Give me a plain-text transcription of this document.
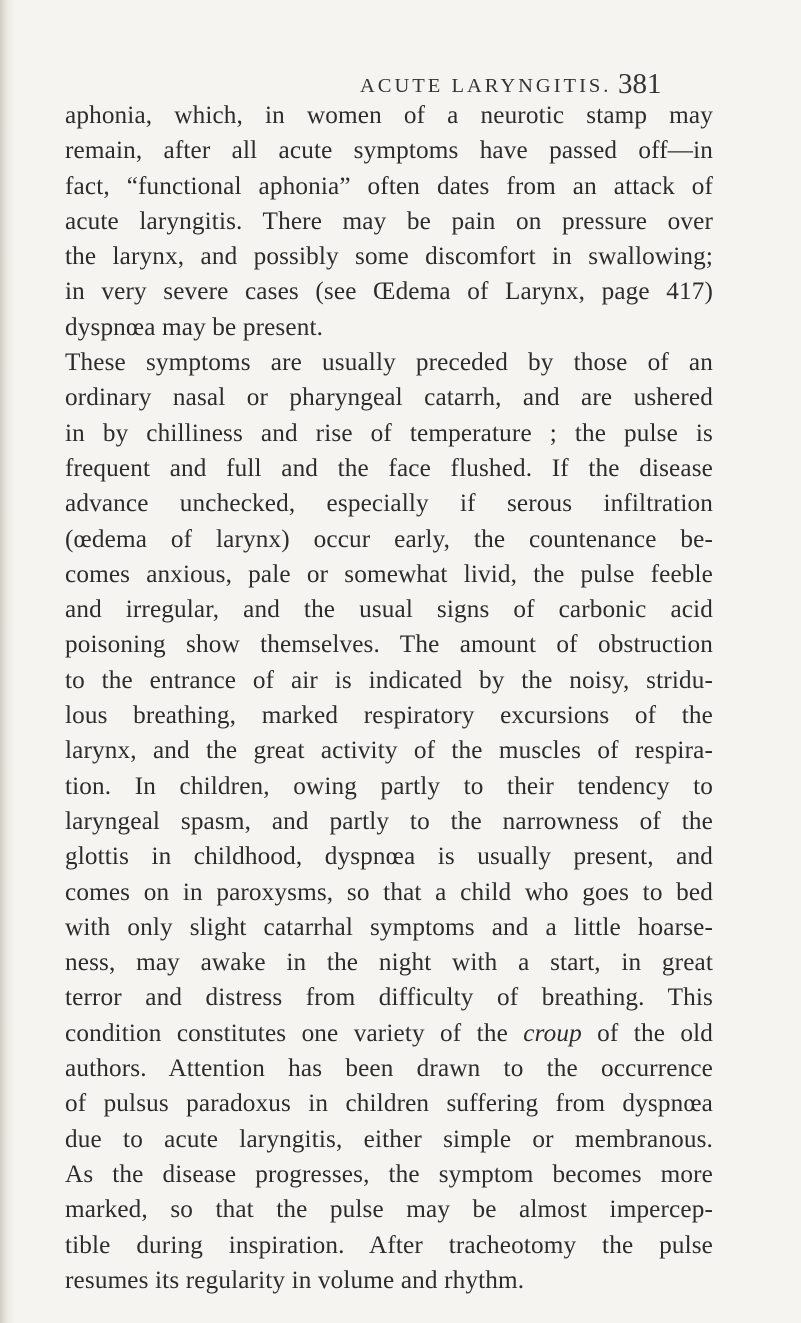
ACUTE LARYNGITIS. 381
aphonia, which, in women of a neurotic stamp may
remain, after all acute symptoms have passed off—in
fact, “functional aphonia” often dates from an attack of
acute laryngitis. There may be pain on pressure over
the larynx, and possibly some discomfort in swallowing;
in very severe cases (see Œdema of Larynx, page 417)
dyspnœa may be present.
These symptoms are usually preceded by those of an
ordinary nasal or pharyngeal catarrh, and are ushered
in by chilliness and rise of temperature ; the pulse is
frequent and full and the face flushed. If the disease
advance unchecked, especially if serous infiltration
(œdema of larynx) occur early, the countenance be-
comes anxious, pale or somewhat livid, the pulse feeble
and irregular, and the usual signs of carbonic acid
poisoning show themselves. The amount of obstruction
to the entrance of air is indicated by the noisy, stridu-
lous breathing, marked respiratory excursions of the
larynx, and the great activity of the muscles of respira-
tion. In children, owing partly to their tendency to
laryngeal spasm, and partly to the narrowness of the
glottis in childhood, dyspnœa is usually present, and
comes on in paroxysms, so that a child who goes to bed
with only slight catarrhal symptoms and a little hoarse-
ness, may awake in the night with a start, in great
terror and distress from difficulty of breathing. This
condition constitutes one variety of the croup of the old
authors. Attention has been drawn to the occurrence
of pulsus paradoxus in children suffering from dyspnœa
due to acute laryngitis, either simple or membranous.
As the disease progresses, the symptom becomes more
marked, so that the pulse may be almost impercep-
tible during inspiration. After tracheotomy the pulse
resumes its regularity in volume and rhythm.
